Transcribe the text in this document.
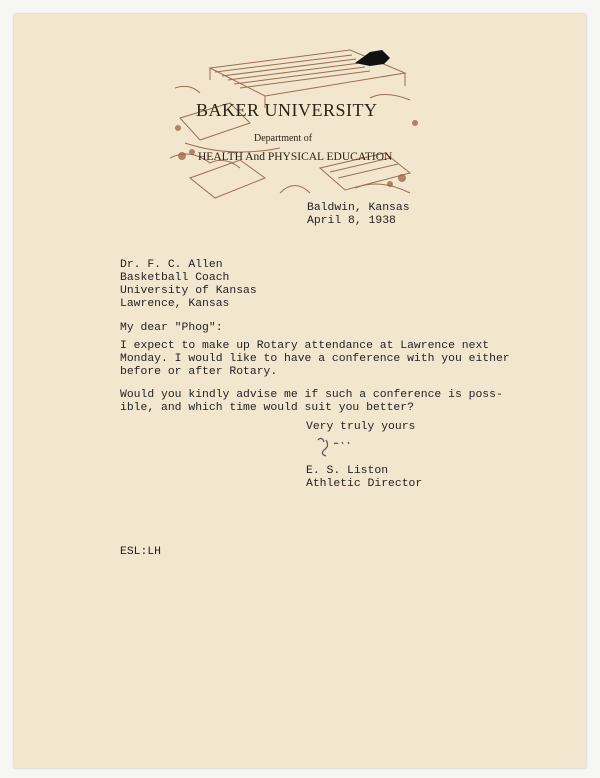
BAKER UNIVERSITY
Department of
HEALTH And PHYSICAL EDUCATION
Baldwin, Kansas
April 8, 1938
Dr. F. C. Allen
Basketball Coach
University of Kansas
Lawrence, Kansas
My dear "Phog":
I expect to make up Rotary attendance at Lawrence next
Monday. I would like to have a conference with you either
before or after Rotary.
Would you kindly advise me if such a conference is poss-
ible, and which time would suit you better?
Very truly yours
E. S. Liston
Athletic Director
ESL:LH
